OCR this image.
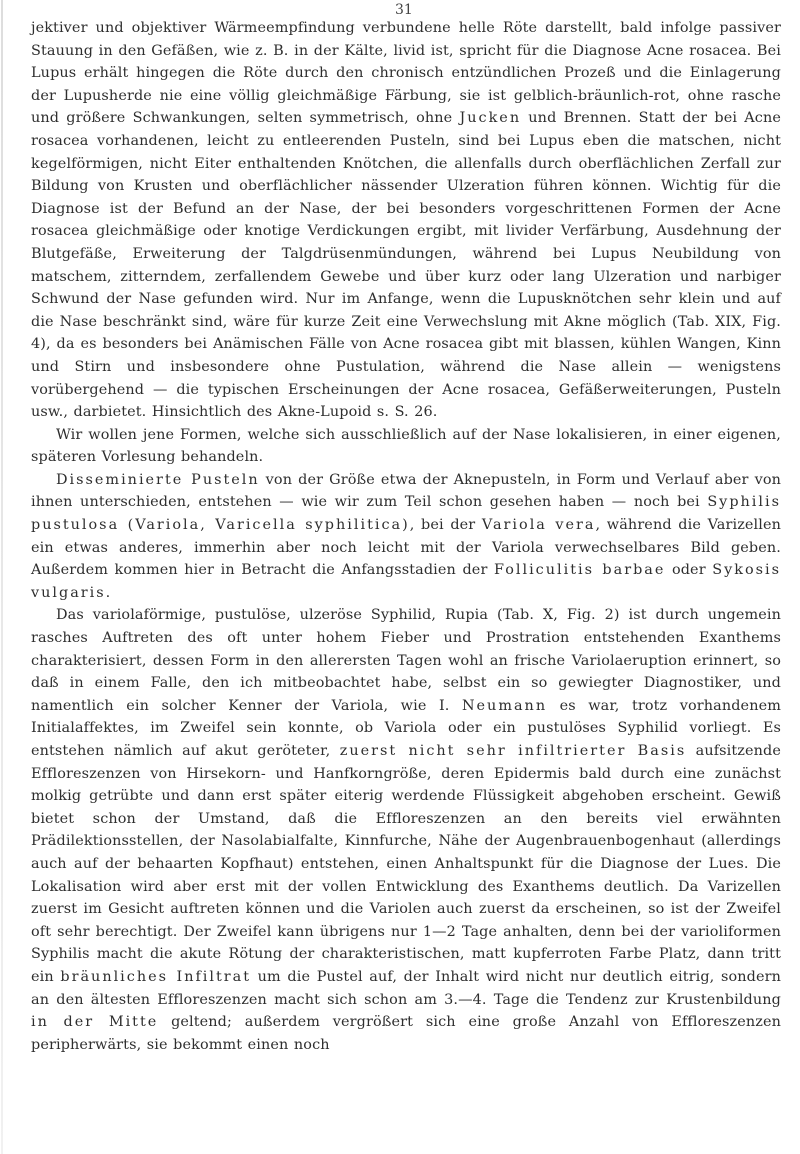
31

jektiver und objektiver Wärmeempfindung verbundene helle Röte darstellt, bald infolge passiver Stauung in den Gefäßen, wie z. B. in der Kälte, livid ist, spricht für die Diagnose Acne rosacea. Bei Lupus erhält hingegen die Röte durch den chronisch entzündlichen Prozeß und die Einlagerung der Lupusherde nie eine völlig gleichmäßige Färbung, sie ist gelblich-bräunlich-rot, ohne rasche und größere Schwankungen, selten symmetrisch, ohne Jucken und Brennen. Statt der bei Acne rosacea vorhandenen, leicht zu entleerenden Pusteln, sind bei Lupus eben die matschen, nicht kegelförmigen, nicht Eiter enthaltenden Knötchen, die allenfalls durch oberflächlichen Zerfall zur Bildung von Krusten und oberflächlicher nässender Ulzeration führen können. Wichtig für die Diagnose ist der Befund an der Nase, der bei besonders vorgeschrittenen Formen der Acne rosacea gleichmäßige oder knotige Verdickungen ergibt, mit livider Verfärbung, Ausdehnung der Blutgefäße, Erweiterung der Talgdrüsenmündungen, während bei Lupus Neubildung von matschem, zitterndem, zerfallendem Gewebe und über kurz oder lang Ulzeration und narbiger Schwund der Nase gefunden wird. Nur im Anfange, wenn die Lupusknötchen sehr klein und auf die Nase beschränkt sind, wäre für kurze Zeit eine Verwechslung mit Akne möglich (Tab. XIX, Fig. 4), da es besonders bei Anämischen Fälle von Acne rosacea gibt mit blassen, kühlen Wangen, Kinn und Stirn und insbesondere ohne Pustulation, während die Nase allein — wenigstens vorübergehend — die typischen Erscheinungen der Acne rosacea, Gefäßerweiterungen, Pusteln usw., darbietet. Hinsichtlich des Akne-Lupoid s. S. 26.

Wir wollen jene Formen, welche sich ausschließlich auf der Nase lokalisieren, in einer eigenen, späteren Vorlesung behandeln.

Disseminierte Pusteln von der Größe etwa der Aknepusteln, in Form und Verlauf aber von ihnen unterschieden, entstehen — wie wir zum Teil schon gesehen haben — noch bei Syphilis pustulosa (Variola, Varicella syphilitica), bei der Variola vera, während die Varizellen ein etwas anderes, immerhin aber noch leicht mit der Variola verwechselbares Bild geben. Außerdem kommen hier in Betracht die Anfangsstadien der Folliculitis barbae oder Sykosis vulgaris.

Das variolaförmige, pustulöse, ulzeröse Syphilid, Rupia (Tab. X, Fig. 2) ist durch ungemein rasches Auftreten des oft unter hohem Fieber und Prostration entstehenden Exanthems charakterisiert, dessen Form in den allerersten Tagen wohl an frische Variolaeruption erinnert, so daß in einem Falle, den ich mitbeobachtet habe, selbst ein so gewiegter Diagnostiker, und namentlich ein solcher Kenner der Variola, wie I. Neumann es war, trotz vorhandenem Initialaffektes, im Zweifel sein konnte, ob Variola oder ein pustulöses Syphilid vorliegt. Es entstehen nämlich auf akut geröteter, zuerst nicht sehr infiltrierter Basis aufsitzende Effloreszenzen von Hirsekorn- und Hanfkorngröße, deren Epidermis bald durch eine zunächst molkig getrübte und dann erst später eiterig werdende Flüssigkeit abgehoben erscheint. Gewiß bietet schon der Umstand, daß die Effloreszenzen an den bereits viel erwähnten Prädilektionsstellen, der Nasolabialfalte, Kinnfurche, Nähe der Augenbrauenbogenhaut (allerdings auch auf der behaarten Kopfhaut) entstehen, einen Anhaltspunkt für die Diagnose der Lues. Die Lokalisation wird aber erst mit der vollen Entwicklung des Exanthems deutlich. Da Varizellen zuerst im Gesicht auftreten können und die Variolen auch zuerst da erscheinen, so ist der Zweifel oft sehr berechtigt. Der Zweifel kann übrigens nur 1—2 Tage anhalten, denn bei der varioliformen Syphilis macht die akute Rötung der charakteristischen, matt kupferroten Farbe Platz, dann tritt ein bräunliches Infiltrat um die Pustel auf, der Inhalt wird nicht nur deutlich eitrig, sondern an den ältesten Effloreszenzen macht sich schon am 3.—4. Tage die Tendenz zur Krustenbildung in der Mitte geltend; außerdem vergrößert sich eine große Anzahl von Effloreszenzen peripherwärts, sie bekommt einen noch
